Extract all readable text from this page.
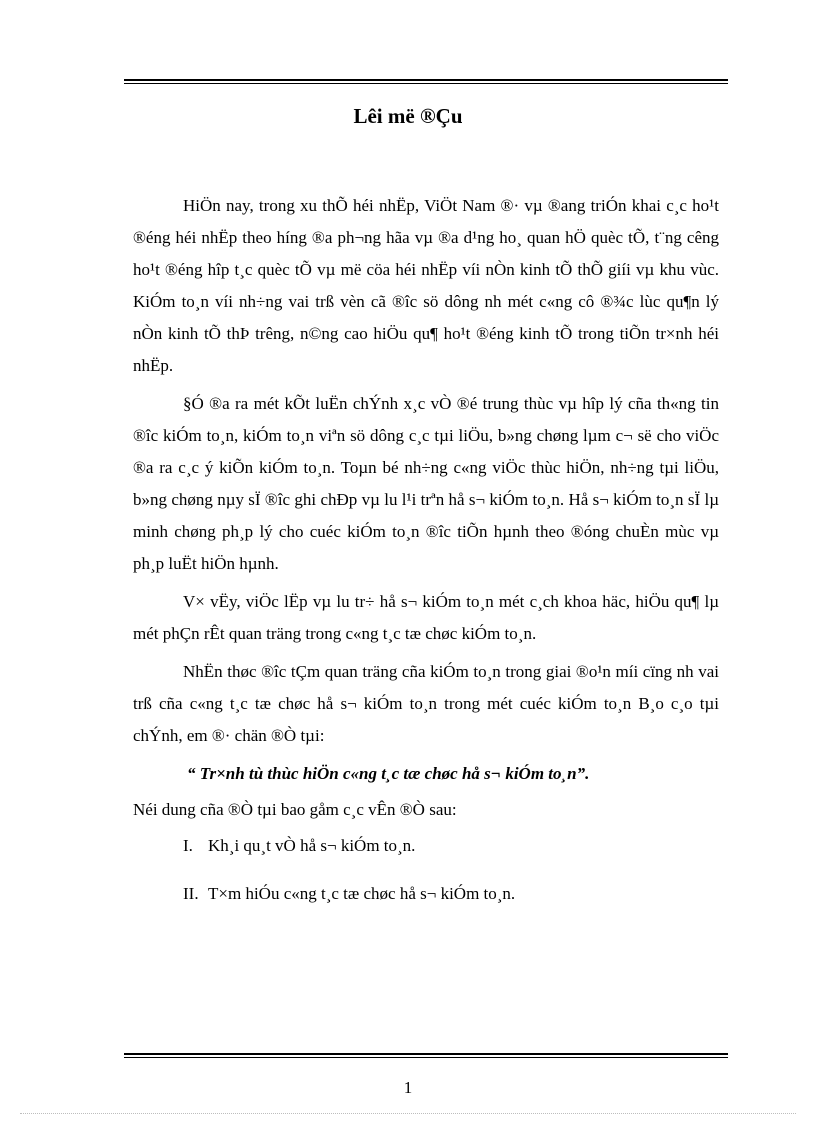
Lêi më ®Çu

HiÖn nay, trong xu thÕ héi nhËp, ViÖt Nam ®· vµ ®ang triÓn khai c¸c ho¹t ®éng héi nhËp theo híng ®a ph¬ng hãa vµ ®a d¹ng ho¸ quan hÖ quèc tÕ, t¨ng cêng ho¹t ®éng hîp t¸c quèc tÕ vµ më cöa héi nhËp víi nÒn kinh tÕ thÕ giíi vµ khu vùc. KiÓm to¸n víi nh÷ng vai trß vèn cã ®îc sö dông nh mét c«ng cô ®¾c lùc qu¶n lý nÒn kinh tÕ thÞ trêng, n©ng cao hiÖu qu¶ ho¹t ®éng kinh tÕ trong tiÕn tr×nh héi nhËp.

§Ó ®a ra mét kÕt luËn chÝnh x¸c vÒ ®é trung thùc vµ hîp lý cña th«ng tin ®îc kiÓm to¸n, kiÓm to¸n viªn sö dông c¸c tµi liÖu, b»ng chøng lµm c¬ së cho viÖc ®a ra c¸c ý kiÕn kiÓm to¸n. Toµn bé nh÷ng c«ng viÖc thùc hiÖn, nh÷ng tµi liÖu, b»ng chøng nµy sÏ ®îc ghi chÐp vµ lu l¹i trªn hå s¬ kiÓm to¸n. Hå s¬ kiÓm to¸n sÏ lµ minh chøng ph¸p lý cho cuéc kiÓm to¸n ®îc tiÕn hµnh theo ®óng chuÈn mùc vµ ph¸p luËt hiÖn hµnh.

V× vËy, viÖc lËp vµ lu tr÷ hå s¬ kiÓm to¸n mét c¸ch khoa häc, hiÖu qu¶ lµ mét phÇn rÊt quan träng trong c«ng t¸c tæ chøc kiÓm to¸n.

NhËn thøc ®îc tÇm quan träng cña kiÓm to¸n trong giai ®o¹n míi cïng nh vai trß cña c«ng t¸c tæ chøc hå s¬ kiÓm to¸n trong mét cuéc kiÓm to¸n B¸o c¸o tµi chÝnh, em ®· chän ®Ò tµi:

“ Tr×nh tù thùc hiÖn c«ng t¸c tæ chøc hå s¬ kiÓm to¸n”.

Néi dung cña ®Ò tµi bao gåm c¸c vÊn ®Ò sau:

I. Kh¸i qu¸t vÒ hå s¬ kiÓm to¸n.

II. T×m hiÓu c«ng t¸c tæ chøc hå s¬ kiÓm to¸n.

1
